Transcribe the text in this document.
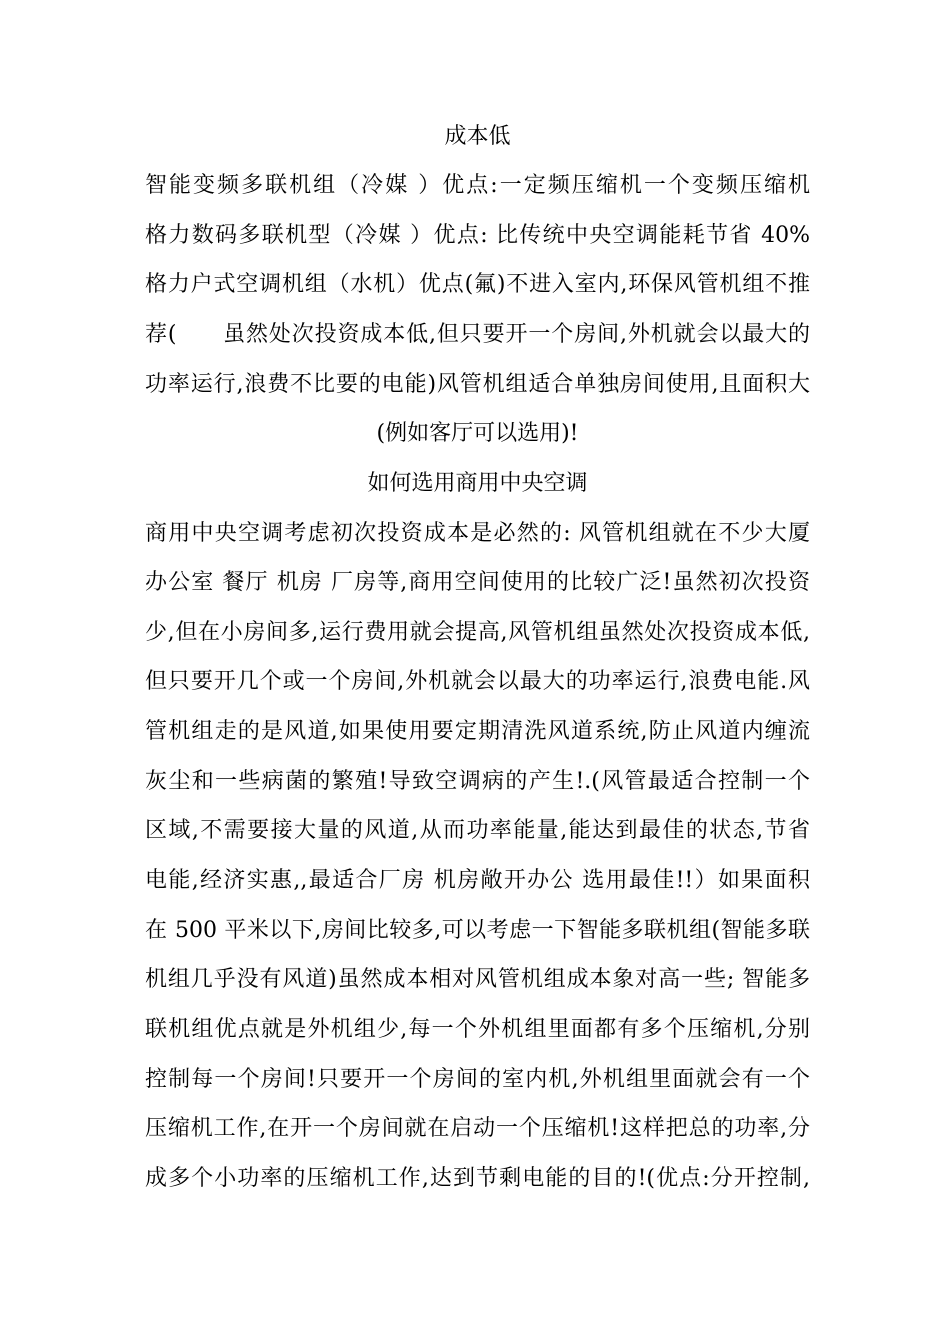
成本低
智能变频多联机组（冷媒 ）优点:一定频压缩机一个变频压缩机
格力数码多联机型（冷媒 ）优点: 比传统中央空调能耗节省 40%
格力户式空调机组（水机）优点(氟)不进入室内,环保风管机组不推
荐(　　虽然处次投资成本低,但只要开一个房间,外机就会以最大的
功率运行,浪费不比要的电能)风管机组适合单独房间使用,且面积大
(例如客厅可以选用)!
如何选用商用中央空调
商用中央空调考虑初次投资成本是必然的: 风管机组就在不少大厦
办公室 餐厅 机房 厂房等,商用空间使用的比较广泛!虽然初次投资
少,但在小房间多,运行费用就会提高,风管机组虽然处次投资成本低,
但只要开几个或一个房间,外机就会以最大的功率运行,浪费电能.风
管机组走的是风道,如果使用要定期清洗风道系统,防止风道内缠流
灰尘和一些病菌的繁殖!导致空调病的产生!.(风管最适合控制一个
区域,不需要接大量的风道,从而功率能量,能达到最佳的状态,节省
电能,经济实惠,,最适合厂房 机房敞开办公 选用最佳!!）如果面积
在 500 平米以下,房间比较多,可以考虑一下智能多联机组(智能多联
机组几乎没有风道)虽然成本相对风管机组成本象对高一些; 智能多
联机组优点就是外机组少,每一个外机组里面都有多个压缩机,分别
控制每一个房间!只要开一个房间的室内机,外机组里面就会有一个
压缩机工作,在开一个房间就在启动一个压缩机!这样把总的功率,分
成多个小功率的压缩机工作,达到节剩电能的目的!(优点:分开控制,
